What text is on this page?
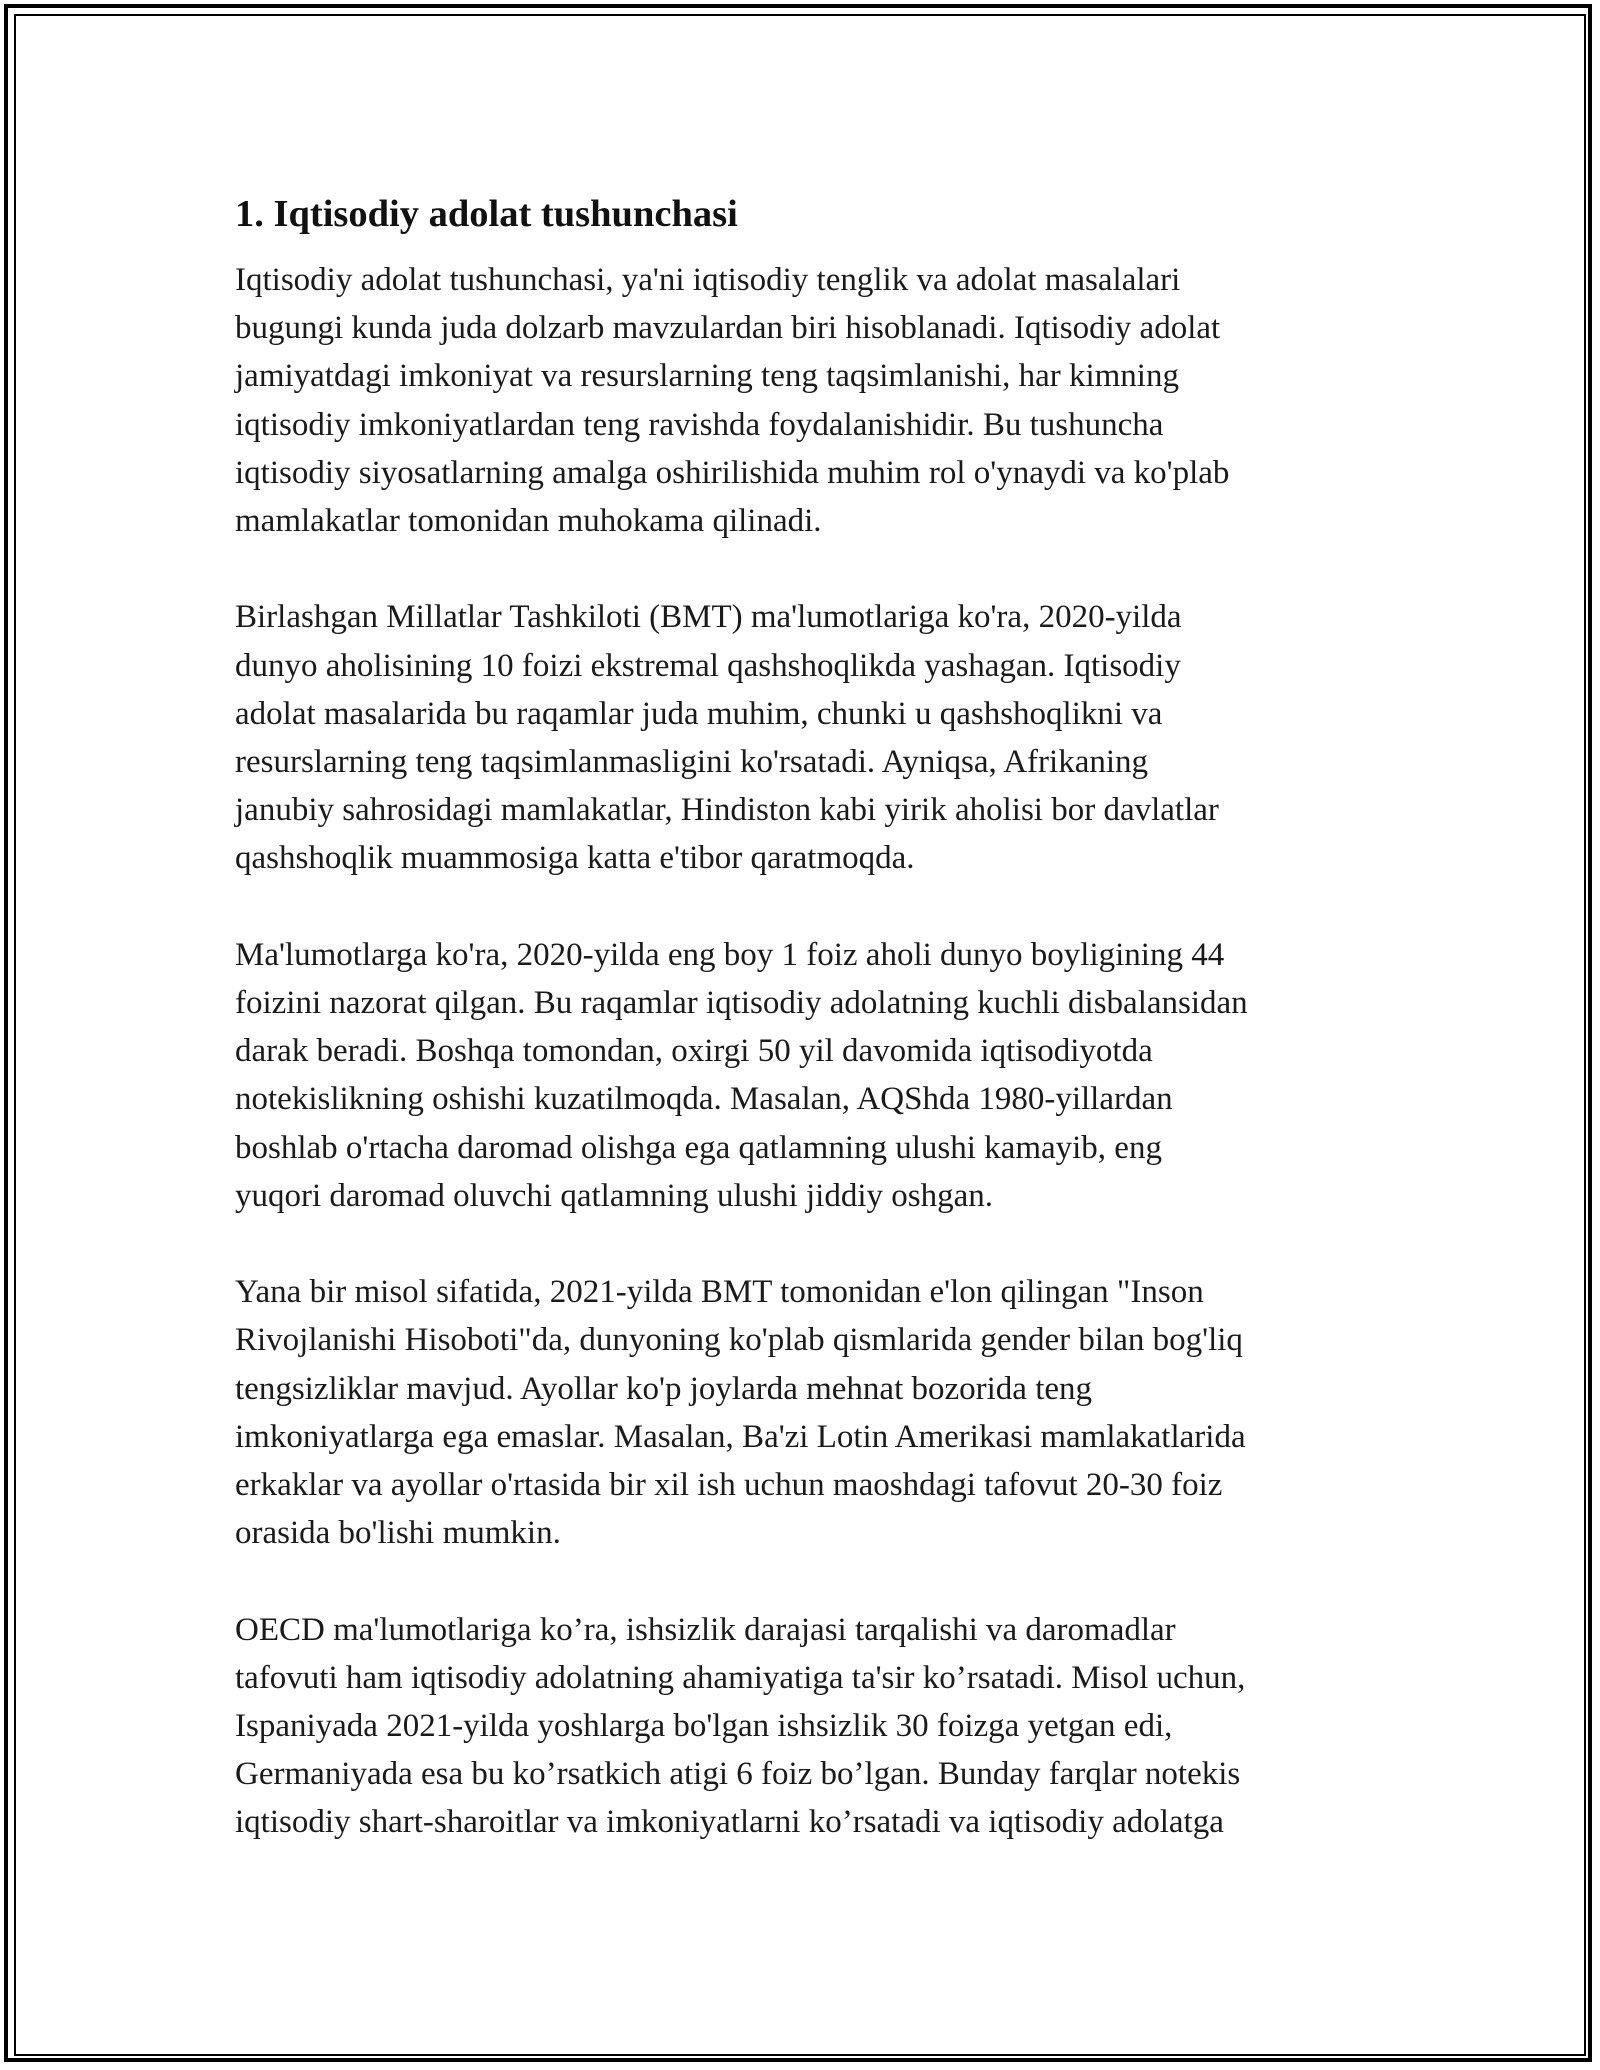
1. Iqtisodiy adolat tushunchasi

Iqtisodiy adolat tushunchasi, ya'ni iqtisodiy tenglik va adolat masalalari
bugungi kunda juda dolzarb mavzulardan biri hisoblanadi. Iqtisodiy adolat
jamiyatdagi imkoniyat va resurslarning teng taqsimlanishi, har kimning
iqtisodiy imkoniyatlardan teng ravishda foydalanishidir. Bu tushuncha
iqtisodiy siyosatlarning amalga oshirilishida muhim rol o'ynaydi va ko'plab
mamlakatlar tomonidan muhokama qilinadi.

Birlashgan Millatlar Tashkiloti (BMT) ma'lumotlariga ko'ra, 2020-yilda
dunyo aholisining 10 foizi ekstremal qashshoqlikda yashagan. Iqtisodiy
adolat masalarida bu raqamlar juda muhim, chunki u qashshoqlikni va
resurslarning teng taqsimlanmasligini ko'rsatadi. Ayniqsa, Afrikaning
janubiy sahrosidagi mamlakatlar, Hindiston kabi yirik aholisi bor davlatlar
qashshoqlik muammosiga katta e'tibor qaratmoqda.

Ma'lumotlarga ko'ra, 2020-yilda eng boy 1 foiz aholi dunyo boyligining 44
foizini nazorat qilgan. Bu raqamlar iqtisodiy adolatning kuchli disbalansidan
darak beradi. Boshqa tomondan, oxirgi 50 yil davomida iqtisodiyotda
notekislikning oshishi kuzatilmoqda. Masalan, AQShda 1980-yillardan
boshlab o'rtacha daromad olishga ega qatlamning ulushi kamayib, eng
yuqori daromad oluvchi qatlamning ulushi jiddiy oshgan.

Yana bir misol sifatida, 2021-yilda BMT tomonidan e'lon qilingan "Inson
Rivojlanishi Hisoboti"da, dunyoning ko'plab qismlarida gender bilan bog'liq
tengsizliklar mavjud. Ayollar ko'p joylarda mehnat bozorida teng
imkoniyatlarga ega emaslar. Masalan, Ba'zi Lotin Amerikasi mamlakatlarida
erkaklar va ayollar o'rtasida bir xil ish uchun maoshdagi tafovut 20-30 foiz
orasida bo'lishi mumkin.

OECD ma'lumotlariga ko’ra, ishsizlik darajasi tarqalishi va daromadlar
tafovuti ham iqtisodiy adolatning ahamiyatiga ta'sir ko’rsatadi. Misol uchun,
Ispaniyada 2021-yilda yoshlarga bo'lgan ishsizlik 30 foizga yetgan edi,
Germaniyada esa bu ko’rsatkich atigi 6 foiz bo’lgan. Bunday farqlar notekis
iqtisodiy shart-sharoitlar va imkoniyatlarni ko’rsatadi va iqtisodiy adolatga
